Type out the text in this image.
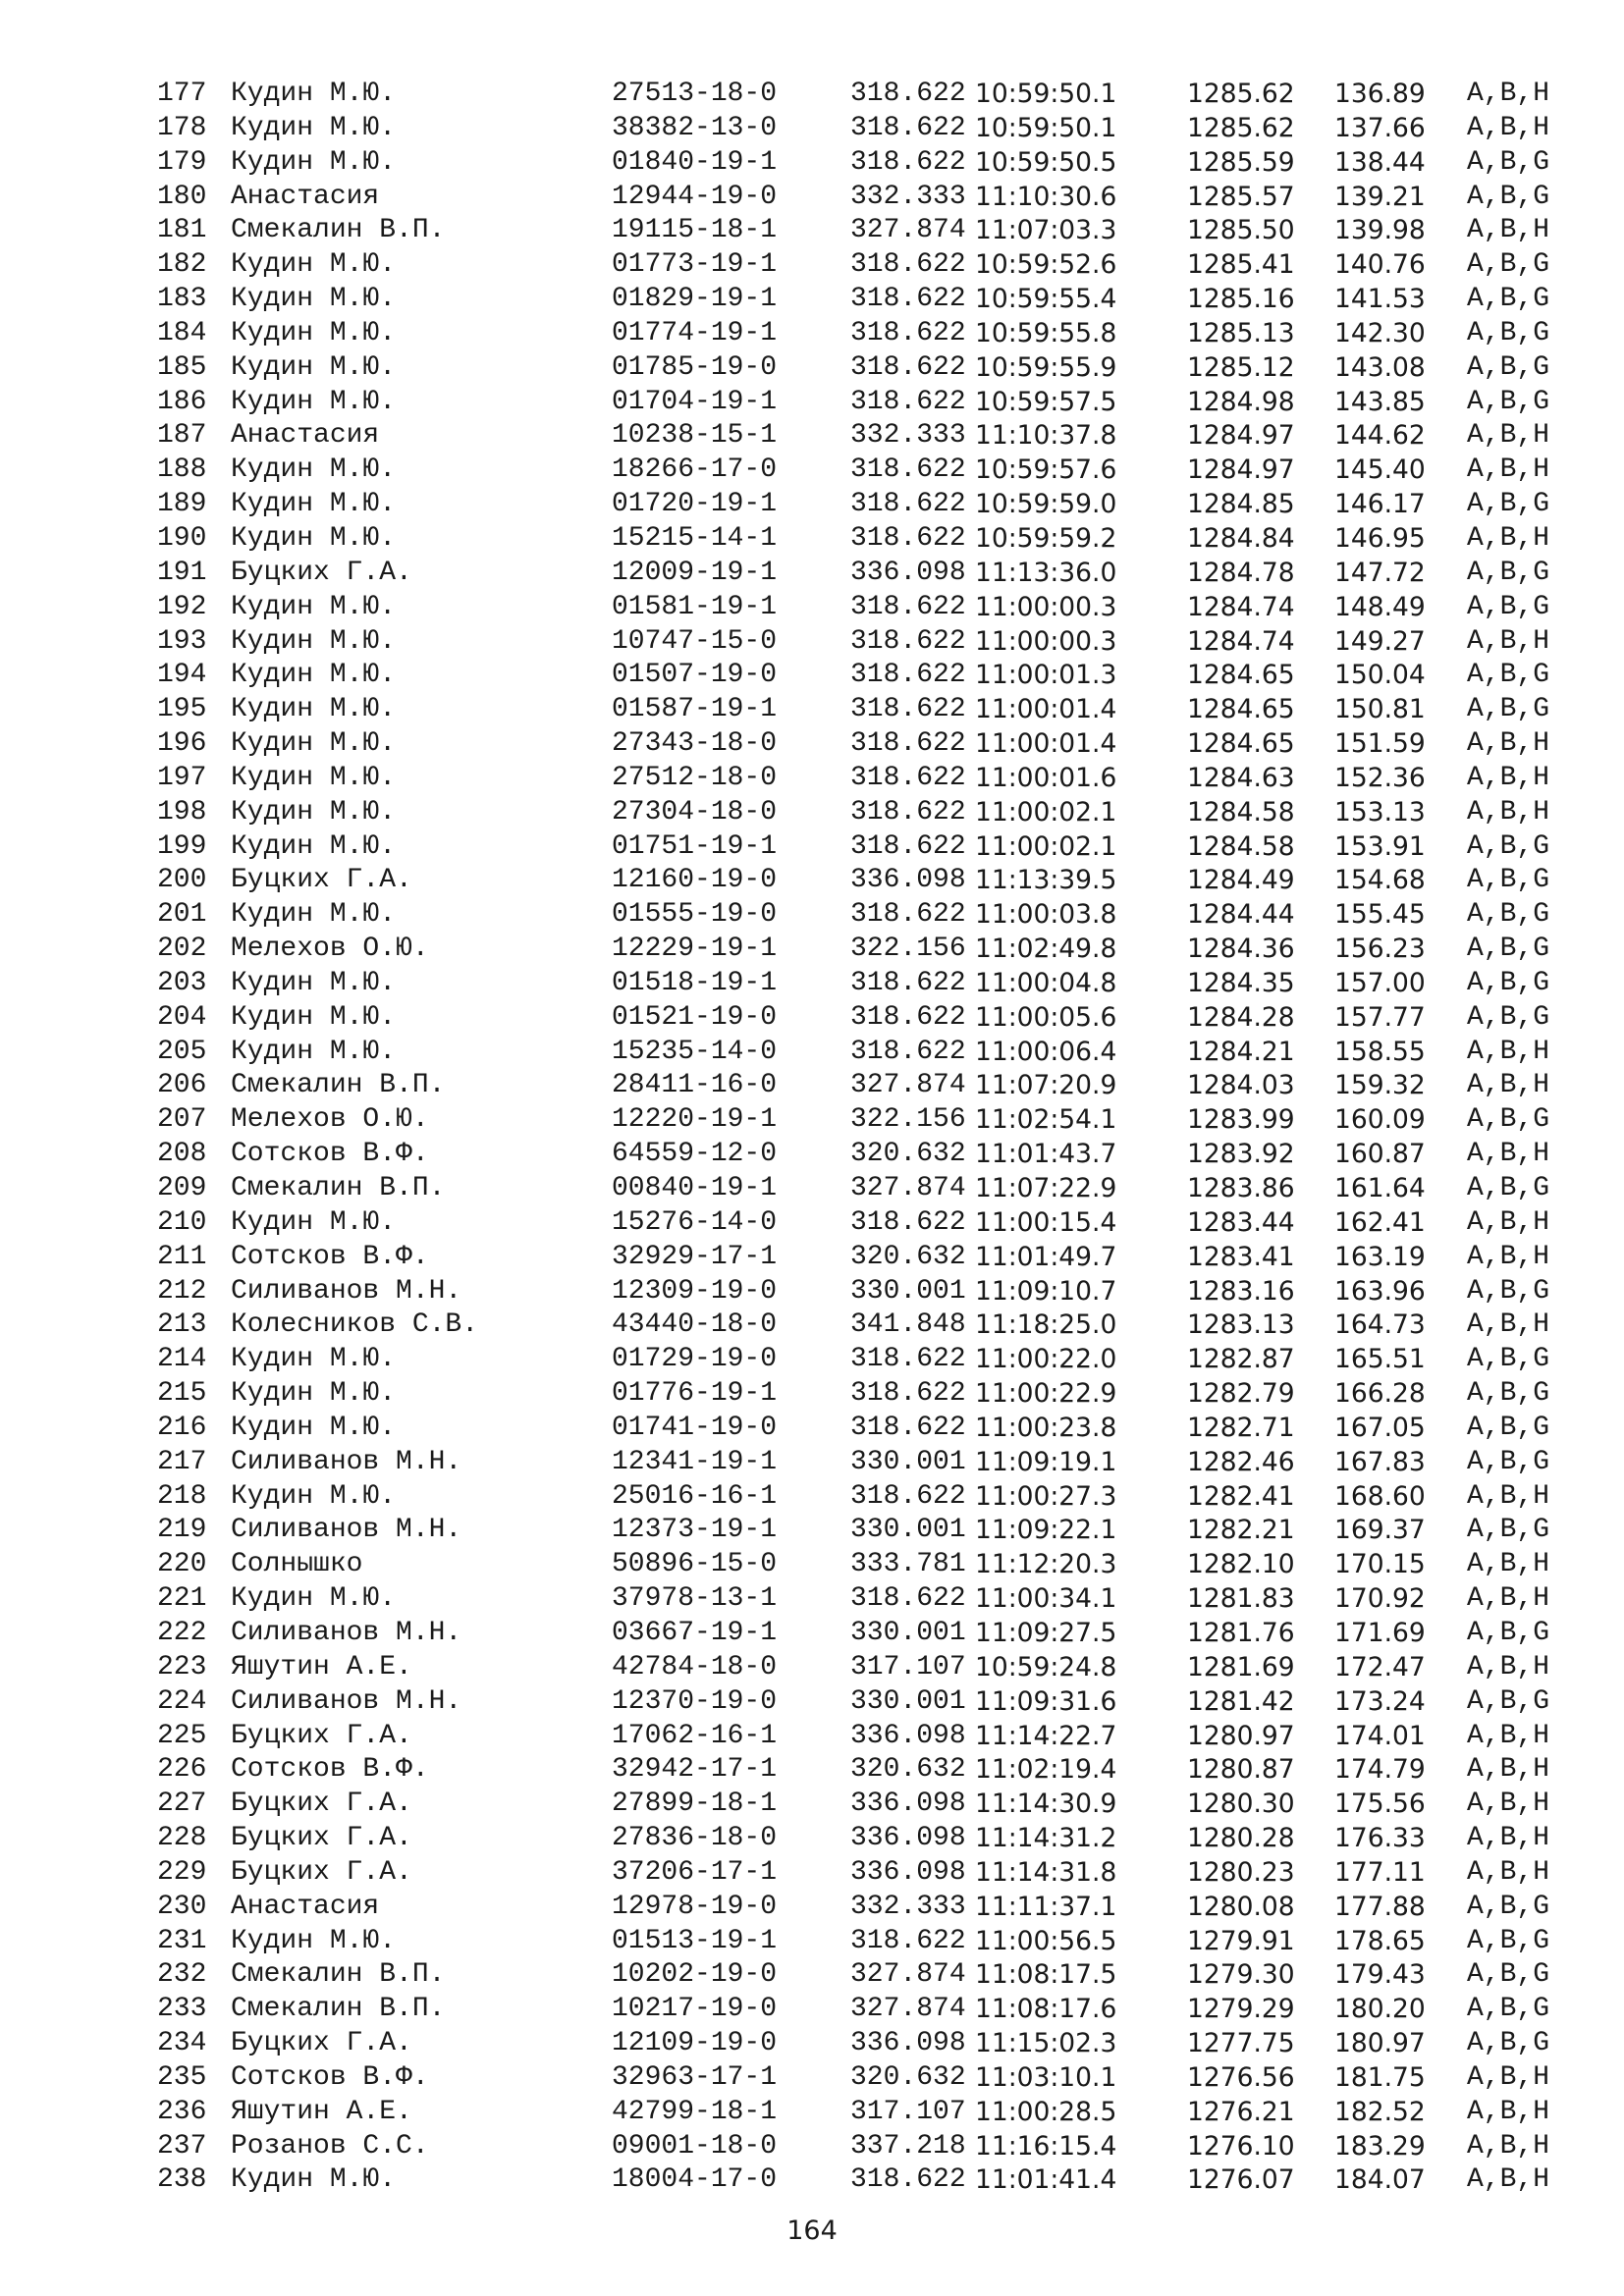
177 Кудин М.Ю.	27513-18-0	318.622 10:59:50.1	1285.62 136.89 A,B,H
178 Кудин М.Ю.	38382-13-0	318.622 10:59:50.1	1285.62 137.66 A,B,H
179 Кудин М.Ю.	01840-19-1	318.622 10:59:50.5	1285.59 138.44 A,B,G
180 Анастасия	12944-19-0	332.333 11:10:30.6	1285.57 139.21 A,B,G
181 Смекалин В.П.	19115-18-1	327.874 11:07:03.3	1285.50 139.98 A,B,H
182 Кудин М.Ю.	01773-19-1	318.622 10:59:52.6	1285.41 140.76 A,B,G
183 Кудин М.Ю.	01829-19-1	318.622 10:59:55.4	1285.16 141.53 A,B,G
184 Кудин М.Ю.	01774-19-1	318.622 10:59:55.8	1285.13 142.30 A,B,G
185 Кудин М.Ю.	01785-19-0	318.622 10:59:55.9	1285.12 143.08 A,B,G
186 Кудин М.Ю.	01704-19-1	318.622 10:59:57.5	1284.98 143.85 A,B,G
187 Анастасия	10238-15-1	332.333 11:10:37.8	1284.97 144.62 A,B,H
188 Кудин М.Ю.	18266-17-0	318.622 10:59:57.6	1284.97 145.40 A,B,H
189 Кудин М.Ю.	01720-19-1	318.622 10:59:59.0	1284.85 146.17 A,B,G
190 Кудин М.Ю.	15215-14-1	318.622 10:59:59.2	1284.84 146.95 A,B,H
191 Буцких Г.А.	12009-19-1	336.098 11:13:36.0	1284.78 147.72 A,B,G
192 Кудин М.Ю.	01581-19-1	318.622 11:00:00.3	1284.74 148.49 A,B,G
193 Кудин М.Ю.	10747-15-0	318.622 11:00:00.3	1284.74 149.27 A,B,H
194 Кудин М.Ю.	01507-19-0	318.622 11:00:01.3	1284.65 150.04 A,B,G
195 Кудин М.Ю.	01587-19-1	318.622 11:00:01.4	1284.65 150.81 A,B,G
196 Кудин М.Ю.	27343-18-0	318.622 11:00:01.4	1284.65 151.59 A,B,H
197 Кудин М.Ю.	27512-18-0	318.622 11:00:01.6	1284.63 152.36 A,B,H
198 Кудин М.Ю.	27304-18-0	318.622 11:00:02.1	1284.58 153.13 A,B,H
199 Кудин М.Ю.	01751-19-1	318.622 11:00:02.1	1284.58 153.91 A,B,G
200 Буцких Г.А.	12160-19-0	336.098 11:13:39.5	1284.49 154.68 A,B,G
201 Кудин М.Ю.	01555-19-0	318.622 11:00:03.8	1284.44 155.45 A,B,G
202 Мелехов О.Ю.	12229-19-1	322.156 11:02:49.8	1284.36 156.23 A,B,G
203 Кудин М.Ю.	01518-19-1	318.622 11:00:04.8	1284.35 157.00 A,B,G
204 Кудин М.Ю.	01521-19-0	318.622 11:00:05.6	1284.28 157.77 A,B,G
205 Кудин М.Ю.	15235-14-0	318.622 11:00:06.4	1284.21 158.55 A,B,H
206 Смекалин В.П.	28411-16-0	327.874 11:07:20.9	1284.03 159.32 A,B,H
207 Мелехов О.Ю.	12220-19-1	322.156 11:02:54.1	1283.99 160.09 A,B,G
208 Сотсков В.Ф.	64559-12-0	320.632 11:01:43.7	1283.92 160.87 A,B,H
209 Смекалин В.П.	00840-19-1	327.874 11:07:22.9	1283.86 161.64 A,B,G
210 Кудин М.Ю.	15276-14-0	318.622 11:00:15.4	1283.44 162.41 A,B,H
211 Сотсков В.Ф.	32929-17-1	320.632 11:01:49.7	1283.41 163.19 A,B,H
212 Силиванов М.Н.	12309-19-0	330.001 11:09:10.7	1283.16 163.96 A,B,G
213 Колесников С.В.	43440-18-0	341.848 11:18:25.0	1283.13 164.73 A,B,H
214 Кудин М.Ю.	01729-19-0	318.622 11:00:22.0	1282.87 165.51 A,B,G
215 Кудин М.Ю.	01776-19-1	318.622 11:00:22.9	1282.79 166.28 A,B,G
216 Кудин М.Ю.	01741-19-0	318.622 11:00:23.8	1282.71 167.05 A,B,G
217 Силиванов М.Н.	12341-19-1	330.001 11:09:19.1	1282.46 167.83 A,B,G
218 Кудин М.Ю.	25016-16-1	318.622 11:00:27.3	1282.41 168.60 A,B,H
219 Силиванов М.Н.	12373-19-1	330.001 11:09:22.1	1282.21 169.37 A,B,G
220 Солнышко	50896-15-0	333.781 11:12:20.3	1282.10 170.15 A,B,H
221 Кудин М.Ю.	37978-13-1	318.622 11:00:34.1	1281.83 170.92 A,B,H
222 Силиванов М.Н.	03667-19-1	330.001 11:09:27.5	1281.76 171.69 A,B,G
223 Яшутин А.Е.	42784-18-0	317.107 10:59:24.8	1281.69 172.47 A,B,H
224 Силиванов М.Н.	12370-19-0	330.001 11:09:31.6	1281.42 173.24 A,B,G
225 Буцких Г.А.	17062-16-1	336.098 11:14:22.7	1280.97 174.01 A,B,H
226 Сотсков В.Ф.	32942-17-1	320.632 11:02:19.4	1280.87 174.79 A,B,H
227 Буцких Г.А.	27899-18-1	336.098 11:14:30.9	1280.30 175.56 A,B,H
228 Буцких Г.А.	27836-18-0	336.098 11:14:31.2	1280.28 176.33 A,B,H
229 Буцких Г.А.	37206-17-1	336.098 11:14:31.8	1280.23 177.11 A,B,H
230 Анастасия	12978-19-0	332.333 11:11:37.1	1280.08 177.88 A,B,G
231 Кудин М.Ю.	01513-19-1	318.622 11:00:56.5	1279.91 178.65 A,B,G
232 Смекалин В.П.	10202-19-0	327.874 11:08:17.5	1279.30 179.43 A,B,G
233 Смекалин В.П.	10217-19-0	327.874 11:08:17.6	1279.29 180.20 A,B,G
234 Буцких Г.А.	12109-19-0	336.098 11:15:02.3	1277.75 180.97 A,B,G
235 Сотсков В.Ф.	32963-17-1	320.632 11:03:10.1	1276.56 181.75 A,B,H
236 Яшутин А.Е.	42799-18-1	317.107 11:00:28.5	1276.21 182.52 A,B,H
237 Розанов С.С.	09001-18-0	337.218 11:16:15.4	1276.10 183.29 A,B,H
238 Кудин М.Ю.	18004-17-0	318.622 11:01:41.4	1276.07 184.07 A,B,H
164
